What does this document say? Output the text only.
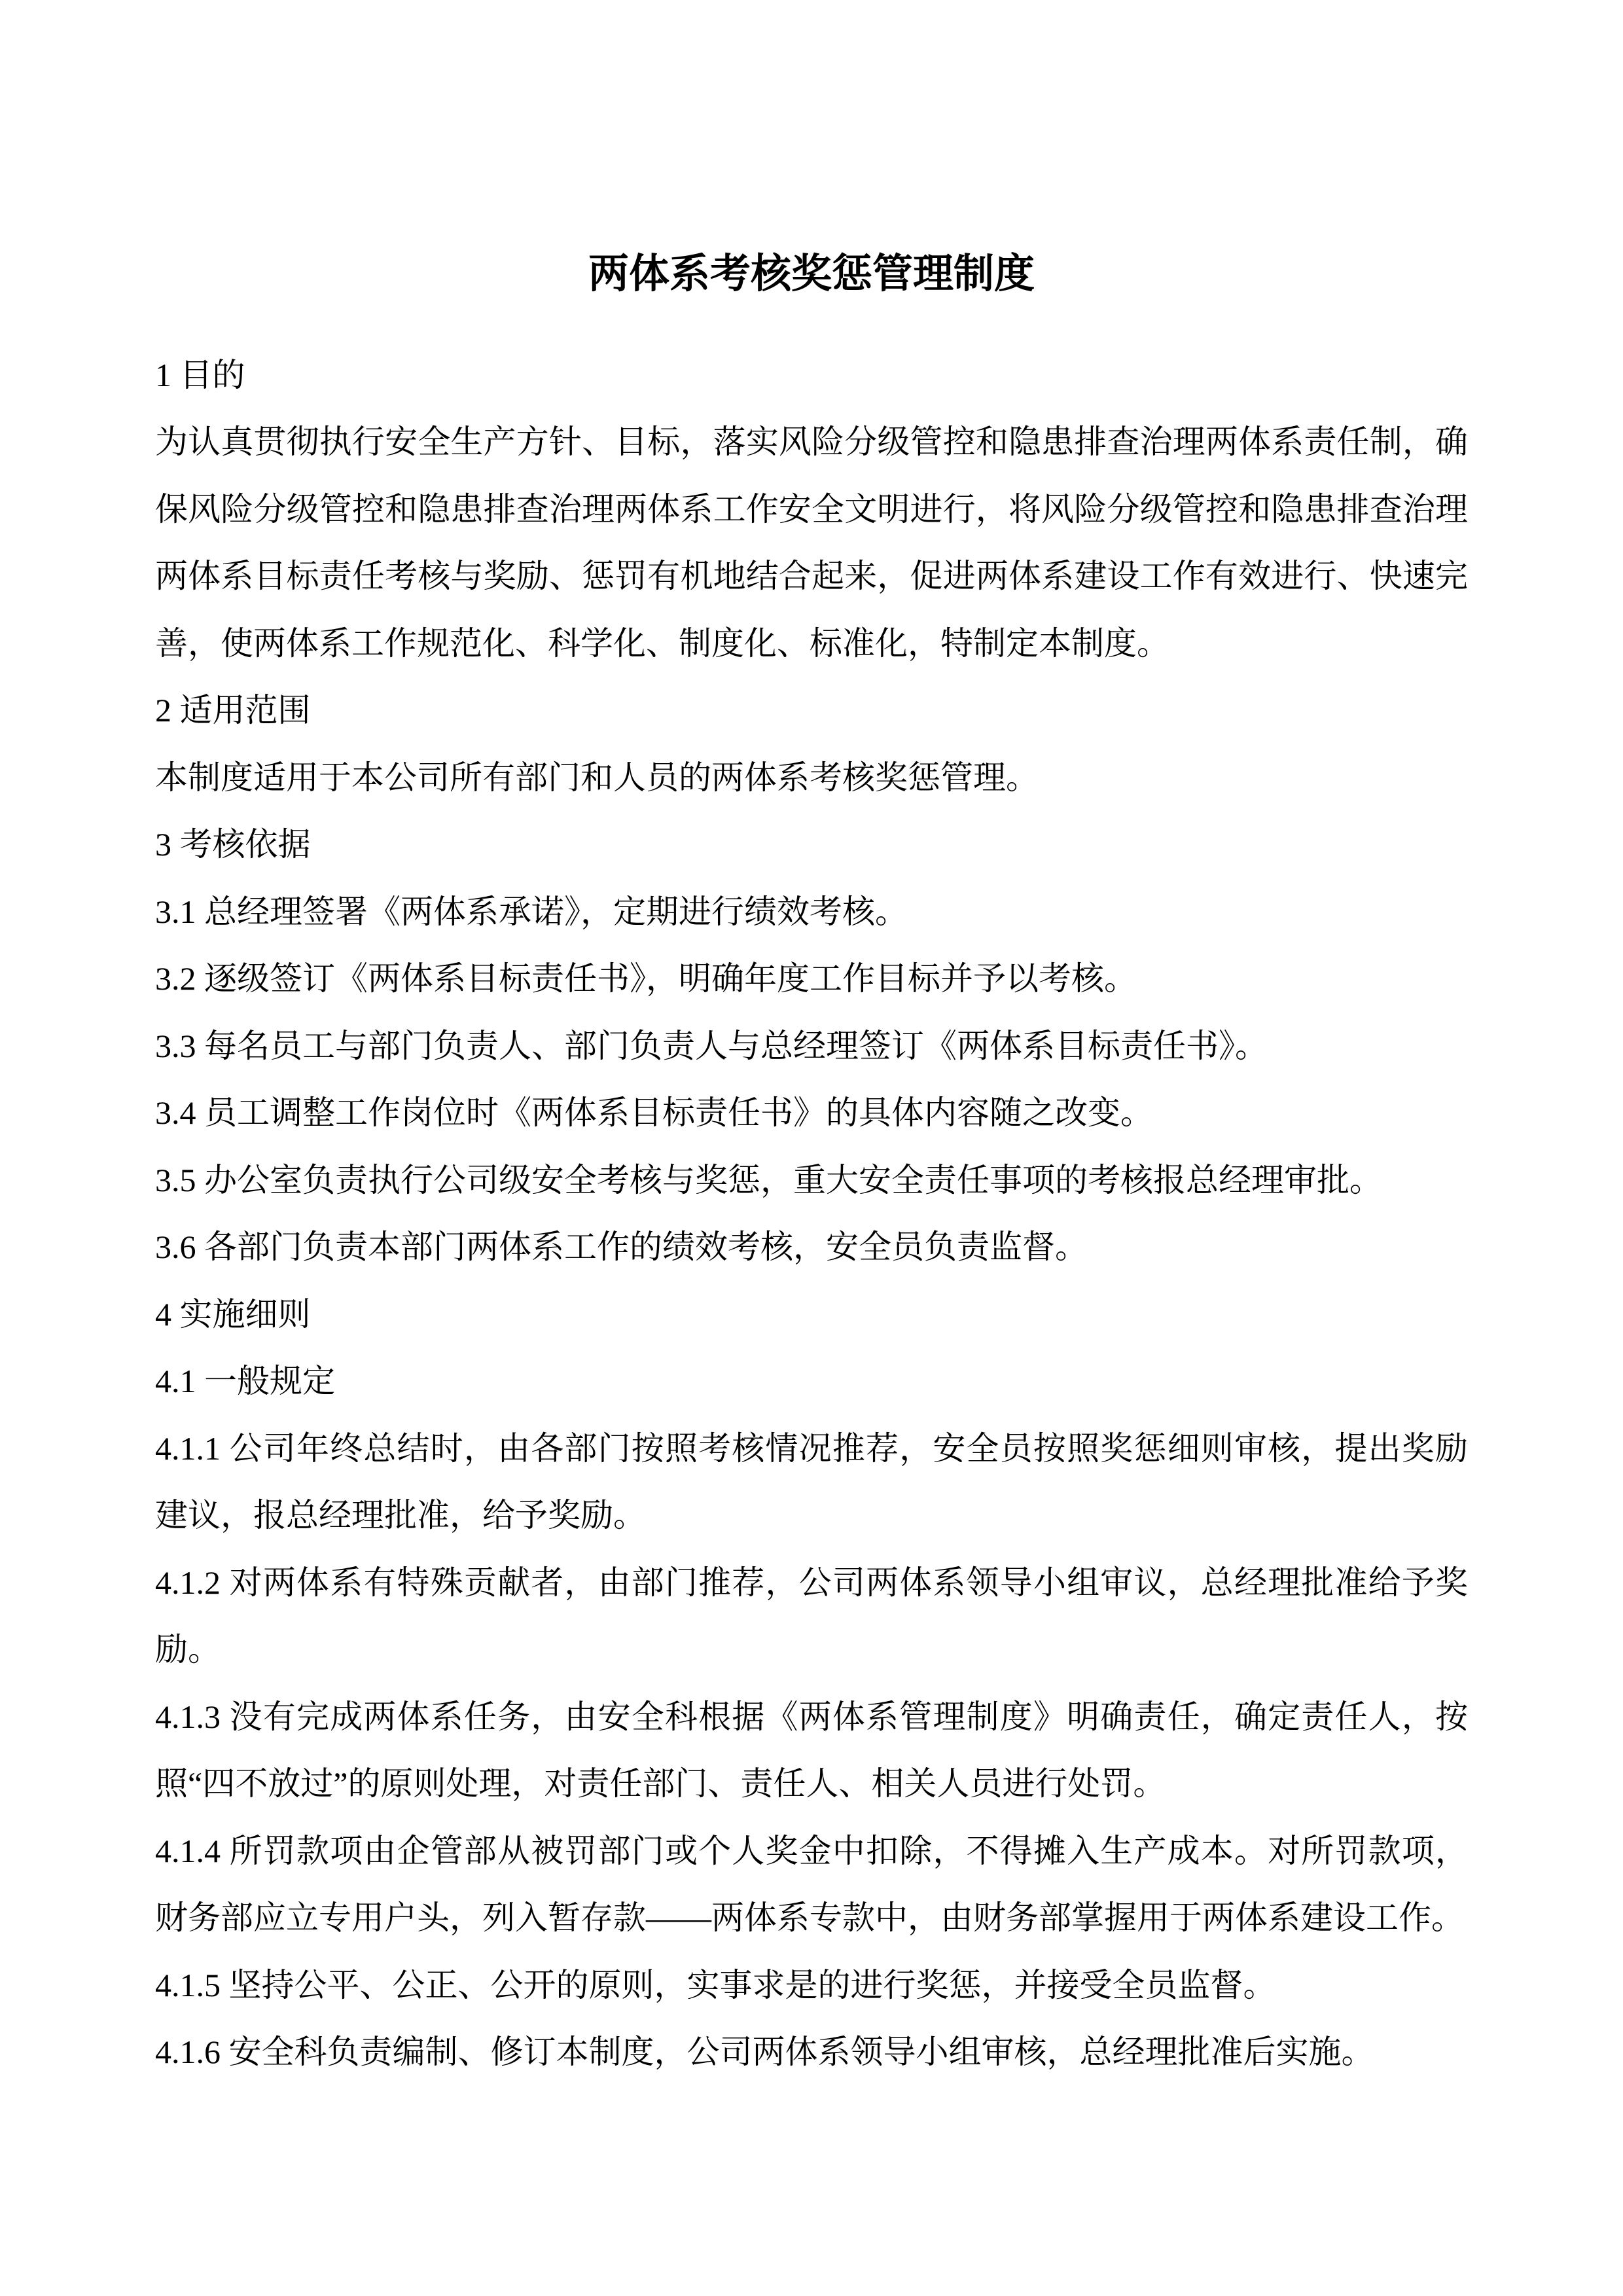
两体系考核奖惩管理制度
1 目的
为认真贯彻执行安全生产方针、目标，落实风险分级管控和隐患排查治理两体系责任制，确保风险分级管控和隐患排查治理两体系工作安全文明进行，将风险分级管控和隐患排查治理两体系目标责任考核与奖励、惩罚有机地结合起来，促进两体系建设工作有效进行、快速完善，使两体系工作规范化、科学化、制度化、标准化，特制定本制度。
2 适用范围
本制度适用于本公司所有部门和人员的两体系考核奖惩管理。
3 考核依据
3.1 总经理签署《两体系承诺》，定期进行绩效考核。
3.2 逐级签订《两体系目标责任书》，明确年度工作目标并予以考核。
3.3 每名员工与部门负责人、部门负责人与总经理签订《两体系目标责任书》。
3.4 员工调整工作岗位时《两体系目标责任书》的具体内容随之改变。
3.5 办公室负责执行公司级安全考核与奖惩，重大安全责任事项的考核报总经理审批。
3.6 各部门负责本部门两体系工作的绩效考核，安全员负责监督。
4 实施细则
4.1 一般规定
4.1.1 公司年终总结时，由各部门按照考核情况推荐，安全员按照奖惩细则审核，提出奖励建议，报总经理批准，给予奖励。
4.1.2 对两体系有特殊贡献者，由部门推荐，公司两体系领导小组审议，总经理批准给予奖励。
4.1.3 没有完成两体系任务，由安全科根据《两体系管理制度》明确责任，确定责任人，按照“四不放过”的原则处理，对责任部门、责任人、相关人员进行处罚。
4.1.4 所罚款项由企管部从被罚部门或个人奖金中扣除，不得摊入生产成本。对所罚款项，财务部应立专用户头，列入暂存款——两体系专款中，由财务部掌握用于两体系建设工作。
4.1.5 坚持公平、公正、公开的原则，实事求是的进行奖惩，并接受全员监督。
4.1.6 安全科负责编制、修订本制度，公司两体系领导小组审核，总经理批准后实施。
